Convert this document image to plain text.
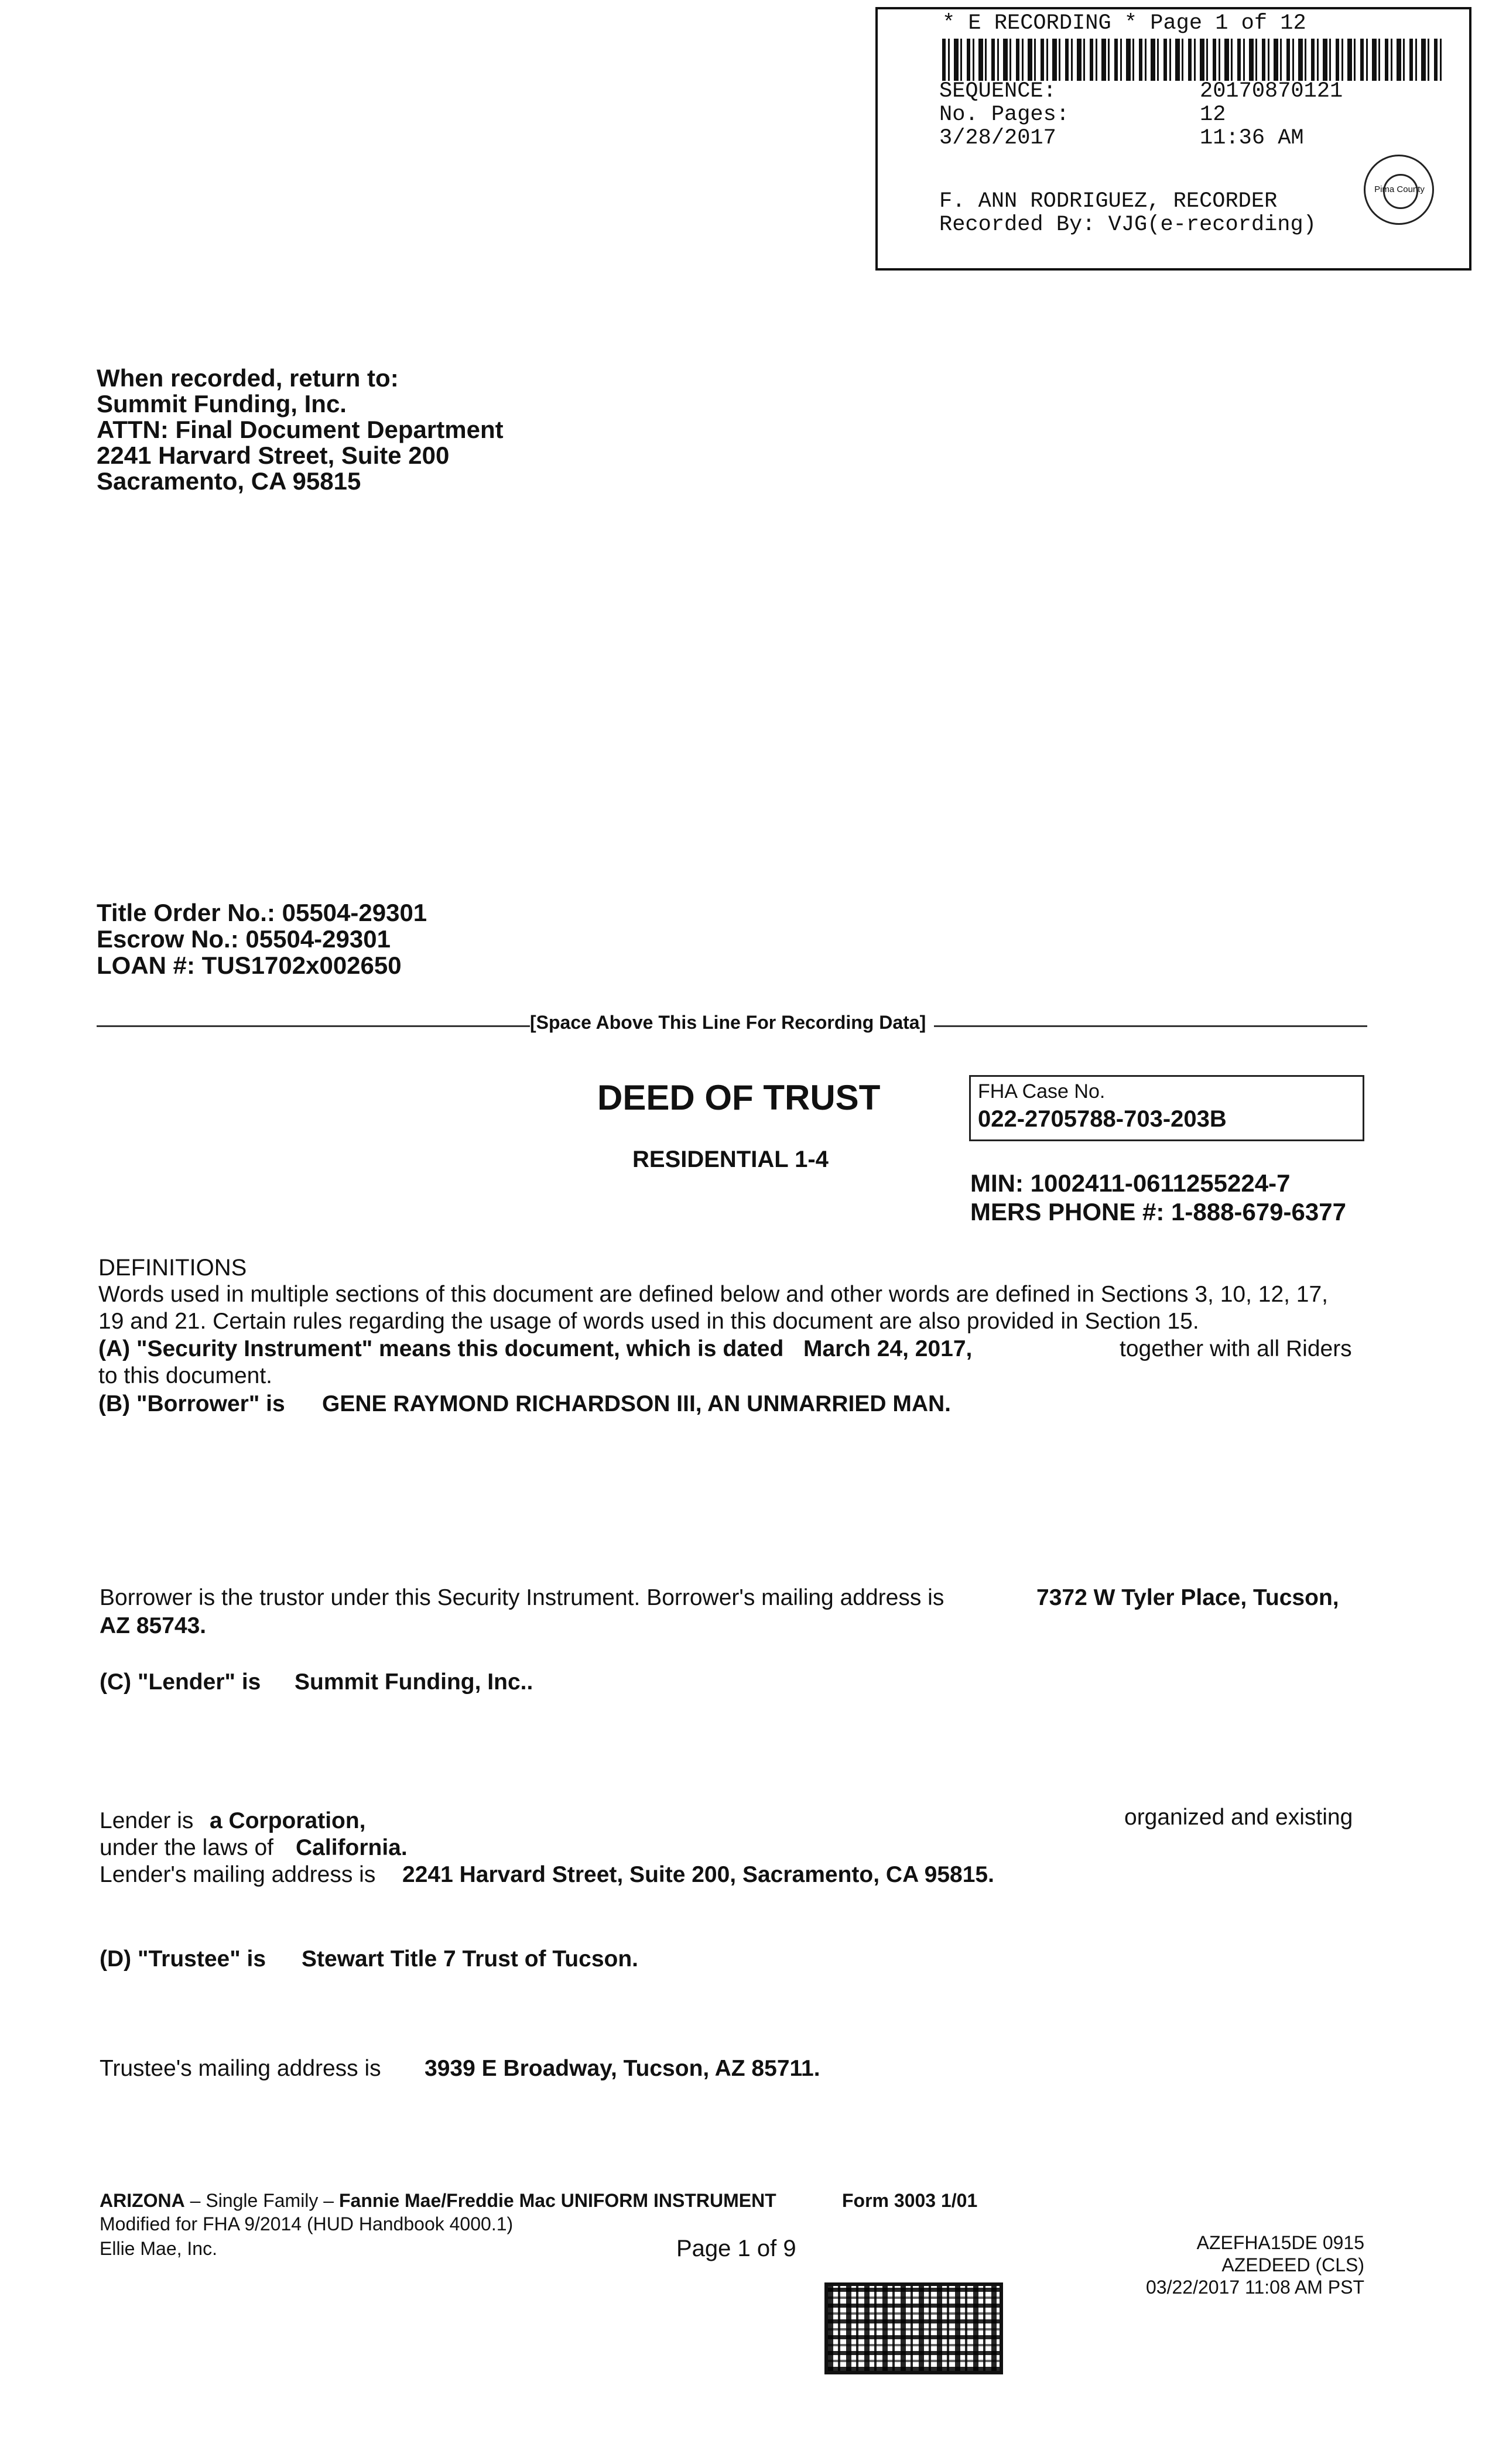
* E RECORDING * Page 1 of 12
SEQUENCE:	20170870121
No. Pages:	12
3/28/2017	11:36 AM
F. ANN RODRIGUEZ, RECORDER
Recorded By: VJG(e-recording)
Pima County
When recorded, return to:
Summit Funding, Inc.
ATTN: Final Document Department
2241 Harvard Street, Suite 200
Sacramento, CA 95815
Title Order No.: 05504-29301
Escrow No.: 05504-29301
LOAN #: TUS1702x002650
[Space Above This Line For Recording Data]
DEED OF TRUST
RESIDENTIAL 1-4
FHA Case No.
022-2705788-703-203B
MIN: 1002411-0611255224-7
MERS PHONE #: 1-888-679-6377
DEFINITIONS
Words used in multiple sections of this document are defined below and other words are defined in Sections 3, 10, 12, 17,
19 and 21. Certain rules regarding the usage of words used in this document are also provided in Section 15.
(A) "Security Instrument" means this document, which is dated March 24, 2017,	together with all Riders
to this document.
(B) "Borrower" is GENE RAYMOND RICHARDSON III, AN UNMARRIED MAN.
Borrower is the trustor under this Security Instrument. Borrower's mailing address is	7372 W Tyler Place, Tucson,
AZ 85743.
(C) "Lender" is Summit Funding, Inc..
Lender is a Corporation,	organized and existing
under the laws of California.
Lender's mailing address is 2241 Harvard Street, Suite 200, Sacramento, CA 95815.
(D) "Trustee" is Stewart Title 7 Trust of Tucson.
Trustee's mailing address is 3939 E Broadway, Tucson, AZ 85711.
ARIZONA – Single Family – Fannie Mae/Freddie Mac UNIFORM INSTRUMENT	Form 3003 1/01
Modified for FHA 9/2014 (HUD Handbook 4000.1)
Ellie Mae, Inc.	Page 1 of 9	AZEFHA15DE 0915
AZEDEED (CLS)
03/22/2017 11:08 AM PST
